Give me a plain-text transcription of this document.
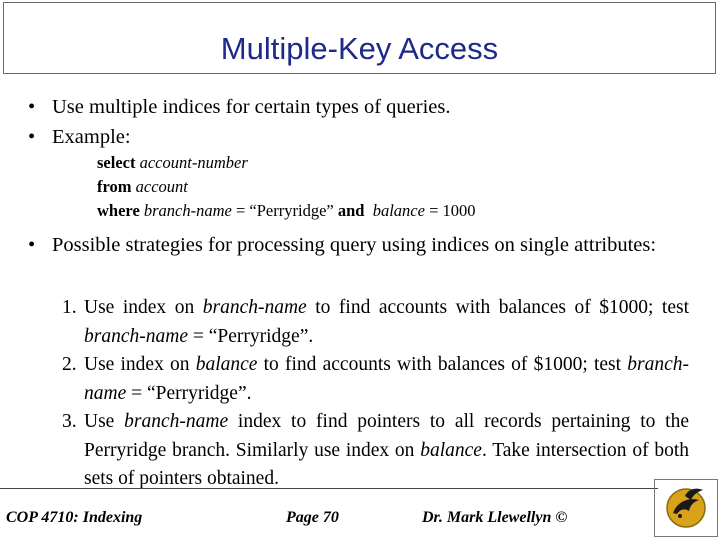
Multiple-Key Access
• Use multiple indices for certain types of queries.
• Example:
select account-number
from account
where branch-name = “Perryridge” and balance = 1000
• Possible strategies for processing query using indices on single attributes:
1. Use index on branch-name to find accounts with balances of $1000; test branch-name = “Perryridge”.
2. Use index on balance to find accounts with balances of $1000; test branch-name = “Perryridge”.
3. Use branch-name index to find pointers to all records pertaining to the Perryridge branch. Similarly use index on balance. Take intersection of both sets of pointers obtained.
COP 4710: Indexing	Page 70	Dr. Mark Llewellyn ©
